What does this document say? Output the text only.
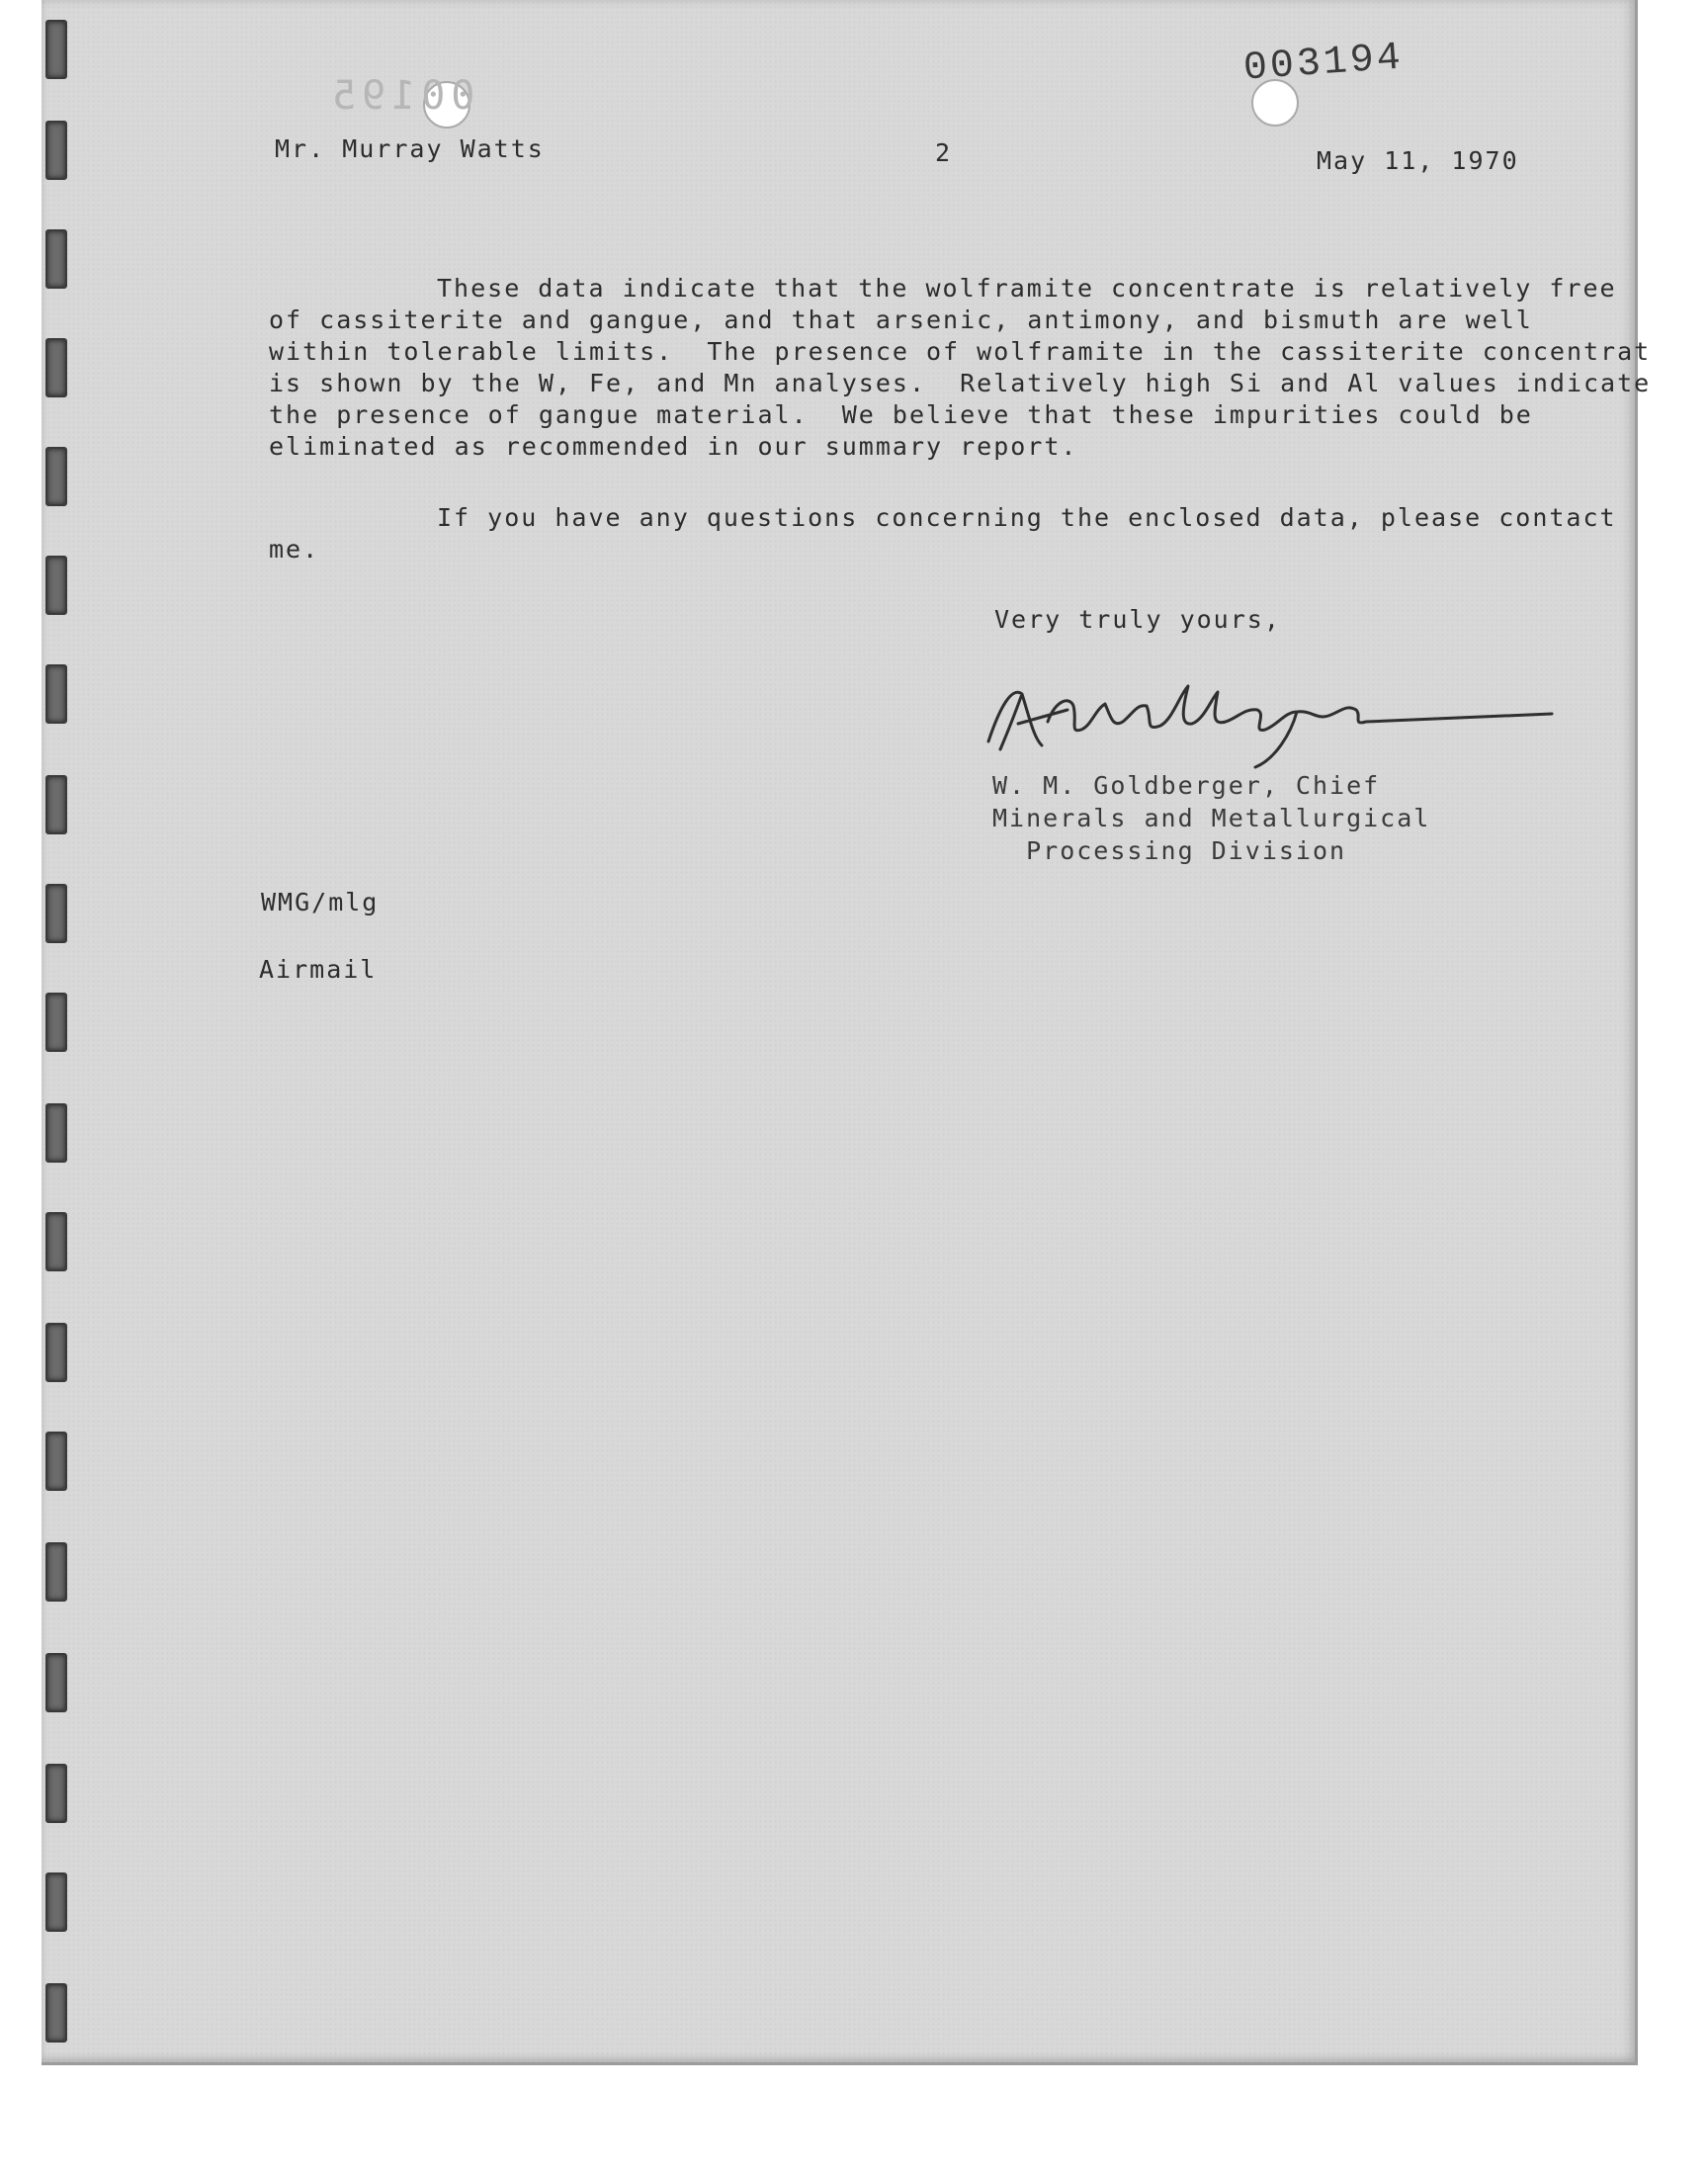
00195
003194
Mr. Murray Watts	2	May 11, 1970

These data indicate that the wolframite concentrate is relatively free

of cassiterite and gangue, and that arsenic, antimony, and bismuth are well

within tolerable limits.  The presence of wolframite in the cassiterite concentrat

is shown by the W, Fe, and Mn analyses.  Relatively high Si and Al values indicate

the presence of gangue material.  We believe that these impurities could be

eliminated as recommended in our summary report.

If you have any questions concerning the enclosed data, please contact

me.

Very truly yours,
W. M. Goldberger, Chief
Minerals and Metallurgical
Processing Division
WMG/mlg
Airmail
